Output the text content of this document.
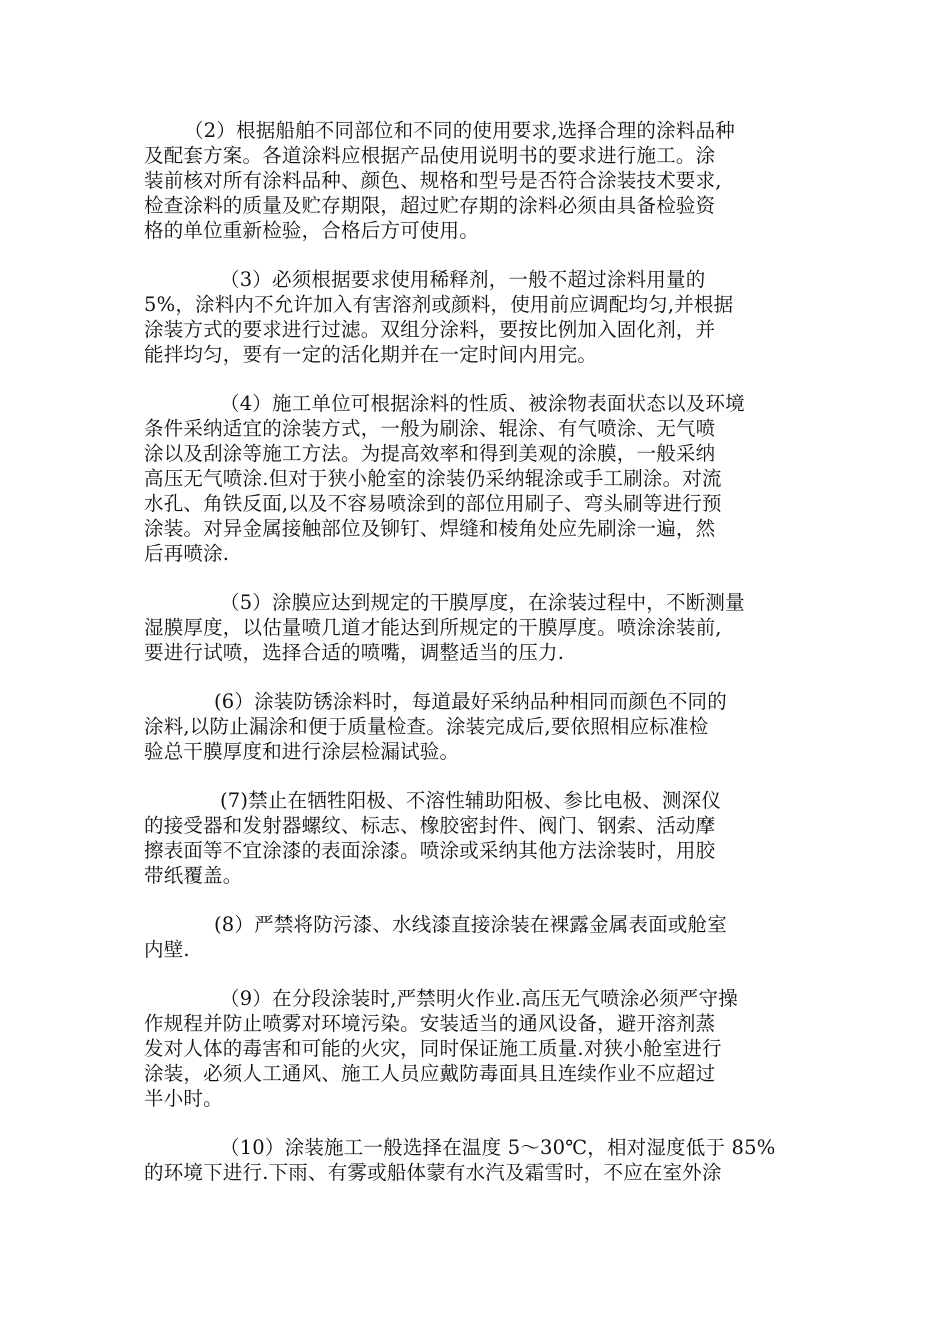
（2）根据船舶不同部位和不同的使用要求,选择合理的涂料品种
及配套方案。各道涂料应根据产品使用说明书的要求进行施工。涂
装前核对所有涂料品种、颜色、规格和型号是否符合涂装技术要求,
检查涂料的质量及贮存期限，超过贮存期的涂料必须由具备检验资
格的单位重新检验，合格后方可使用。

（3）必须根据要求使用稀释剂，一般不超过涂料用量的
5%，涂料内不允许加入有害溶剂或颜料，使用前应调配均匀,并根据
涂装方式的要求进行过滤。双组分涂料，要按比例加入固化剂，并
能拌均匀，要有一定的活化期并在一定时间内用完。

（4）施工单位可根据涂料的性质、被涂物表面状态以及环境
条件采纳适宜的涂装方式，一般为刷涂、辊涂、有气喷涂、无气喷
涂以及刮涂等施工方法。为提高效率和得到美观的涂膜，一般采纳
高压无气喷涂.但对于狭小舱室的涂装仍采纳辊涂或手工刷涂。对流
水孔、角铁反面,以及不容易喷涂到的部位用刷子、弯头刷等进行预
涂装。对异金属接触部位及铆钉、焊缝和棱角处应先刷涂一遍，然
后再喷涂.

（5）涂膜应达到规定的干膜厚度，在涂装过程中，不断测量
湿膜厚度，以估量喷几道才能达到所规定的干膜厚度。喷涂涂装前,
要进行试喷，选择合适的喷嘴，调整适当的压力.

(6）涂装防锈涂料时，每道最好采纳品种相同而颜色不同的
涂料,以防止漏涂和便于质量检查。涂装完成后,要依照相应标准检
验总干膜厚度和进行涂层检漏试验。

(7)禁止在牺牲阳极、不溶性辅助阳极、参比电极、测深仪
的接受器和发射器螺纹、标志、橡胶密封件、阀门、钢索、活动摩
擦表面等不宜涂漆的表面涂漆。喷涂或采纳其他方法涂装时，用胶
带纸覆盖。

(8）严禁将防污漆、水线漆直接涂装在裸露金属表面或舱室
内壁.

（9）在分段涂装时,严禁明火作业.高压无气喷涂必须严守操
作规程并防止喷雾对环境污染。安装适当的通风设备，避开溶剂蒸
发对人体的毒害和可能的火灾，同时保证施工质量.对狭小舱室进行
涂装，必须人工通风、施工人员应戴防毒面具且连续作业不应超过
半小时。

（10）涂装施工一般选择在温度 5～30℃，相对湿度低于 85%
的环境下进行.下雨、有雾或船体蒙有水汽及霜雪时，不应在室外涂
